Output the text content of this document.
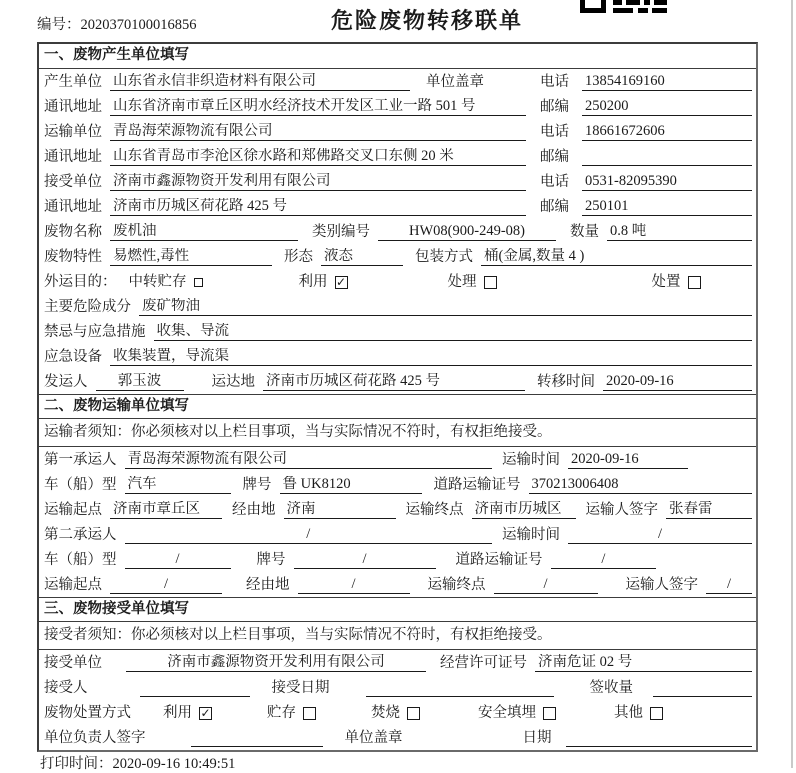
编号：2020370100016856	危险废物转移联单
一、废物产生单位填写
产生单位 山东省永信非织造材料有限公司	单位盖章	电话	13854169160
通讯地址 山东省济南市章丘区明水经济技术开发区工业一路 501 号	邮编	250200
运输单位 青岛海荣源物流有限公司	电话	18661672606
通讯地址 山东省青岛市李沧区徐水路和郑佛路交叉口东侧 20 米	邮编
接受单位 济南市鑫源物资开发利用有限公司	电话	0531-82095390
通讯地址 济南市历城区荷花路 425 号	邮编	250101
废物名称 废机油	类别编号	HW08(900-249-08)	数量 0.8 吨
废物特性 易燃性,毒性	形态 液态	包装方式 桶(金属,数量 4 )
外运目的： 中转贮存	利用 ✓	处理	处置
主要危险成分 废矿物油
禁忌与应急措施 收集、导流
应急设备 收集装置，导流渠
发运人	郭玉波	运达地 济南市历城区荷花路 425 号	转移时间 2020-09-16
二、废物运输单位填写
运输者须知：你必须核对以上栏目事项，当与实际情况不符时，有权拒绝接受。
第一承运人 青岛海荣源物流有限公司	运输时间 2020-09-16
车（船）型 汽车	牌号 鲁 UK8120	道路运输证号 370213006408
运输起点 济南市章丘区	经由地 济南	运输终点 济南市历城区	运输人签字 张春雷
第二承运人	/	运输时间	/
车（船）型	/	牌号	/	道路运输证号	/
运输起点	/	经由地	/	运输终点	/	运输人签字	/
三、废物接受单位填写
接受者须知：你必须核对以上栏目事项，当与实际情况不符时，有权拒绝接受。
接受单位	济南市鑫源物资开发利用有限公司	经营许可证号 济南危证 02 号
接受人	接受日期	签收量
废物处置方式 利用 ✓	贮存	焚烧	安全填埋	其他
单位负责人签字	单位盖章	日期
打印时间：2020-09-16 10:49:51
